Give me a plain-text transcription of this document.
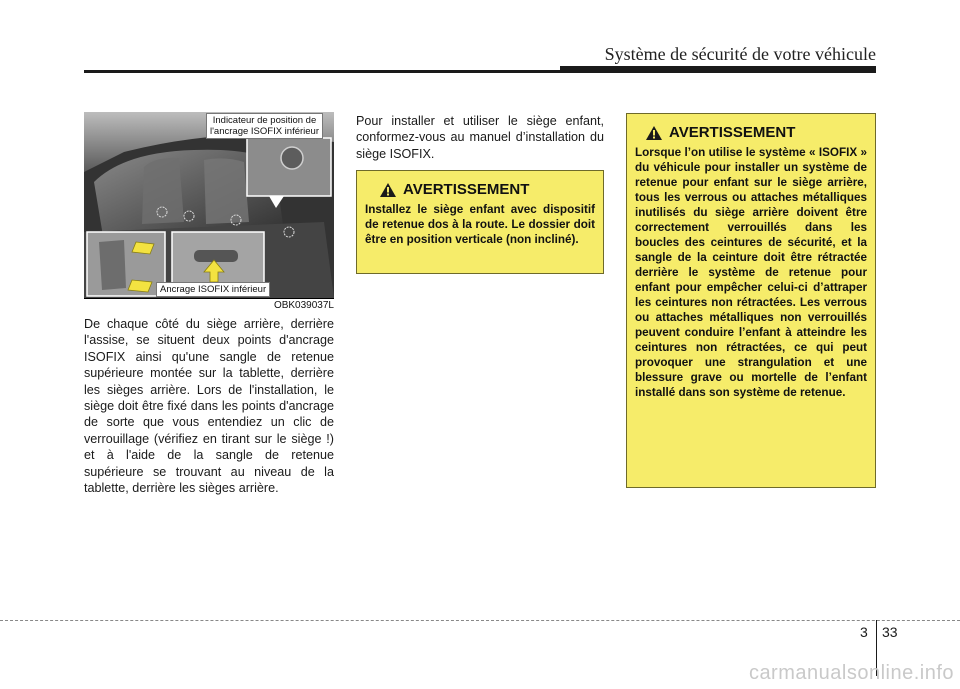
Système de sécurité de votre véhicule
Indicateur de position de
l'ancrage ISOFIX inférieur
Ancrage ISOFIX inférieur
OBK039037L

De chaque côté du siège arrière, derrière l'assise, se situent deux points d'ancrage ISOFIX ainsi qu'une sangle de retenue supérieure montée sur la tablette, derrière les sièges arrière. Lors de l'installation, le siège doit être fixé dans les points d'ancrage de sorte que vous entendiez un clic de verrouillage (vérifiez en tirant sur le siège !) et à l'aide de la sangle de retenue supérieure se trouvant au niveau de la tablette, derrière les sièges arrière.

Pour installer et utiliser le siège enfant, conformez-vous au manuel d’installation du siège ISOFIX.

AVERTISSEMENT

Installez le siège enfant avec dispositif de retenue dos à la route. Le dossier doit être en position verticale (non incliné).

AVERTISSEMENT

Lorsque l’on utilise le système « ISOFIX » du véhicule pour installer un système de retenue pour enfant sur le siège arrière, tous les verrous ou attaches métalliques inutilisés du siège arrière doivent être correctement verrouillés dans les boucles des ceintures de sécurité, et la sangle de la ceinture doit être rétractée derrière le système de retenue pour enfant pour empêcher celui-ci d’attraper les ceintures non rétractées. Les verrous ou attaches métalliques non verrouillés peuvent conduire l’enfant à atteindre les ceintures non rétractées, ce qui peut provoquer une strangulation et une blessure grave ou mortelle de l’enfant installé dans son système de retenue.

3 33
carmanualsonline.info
